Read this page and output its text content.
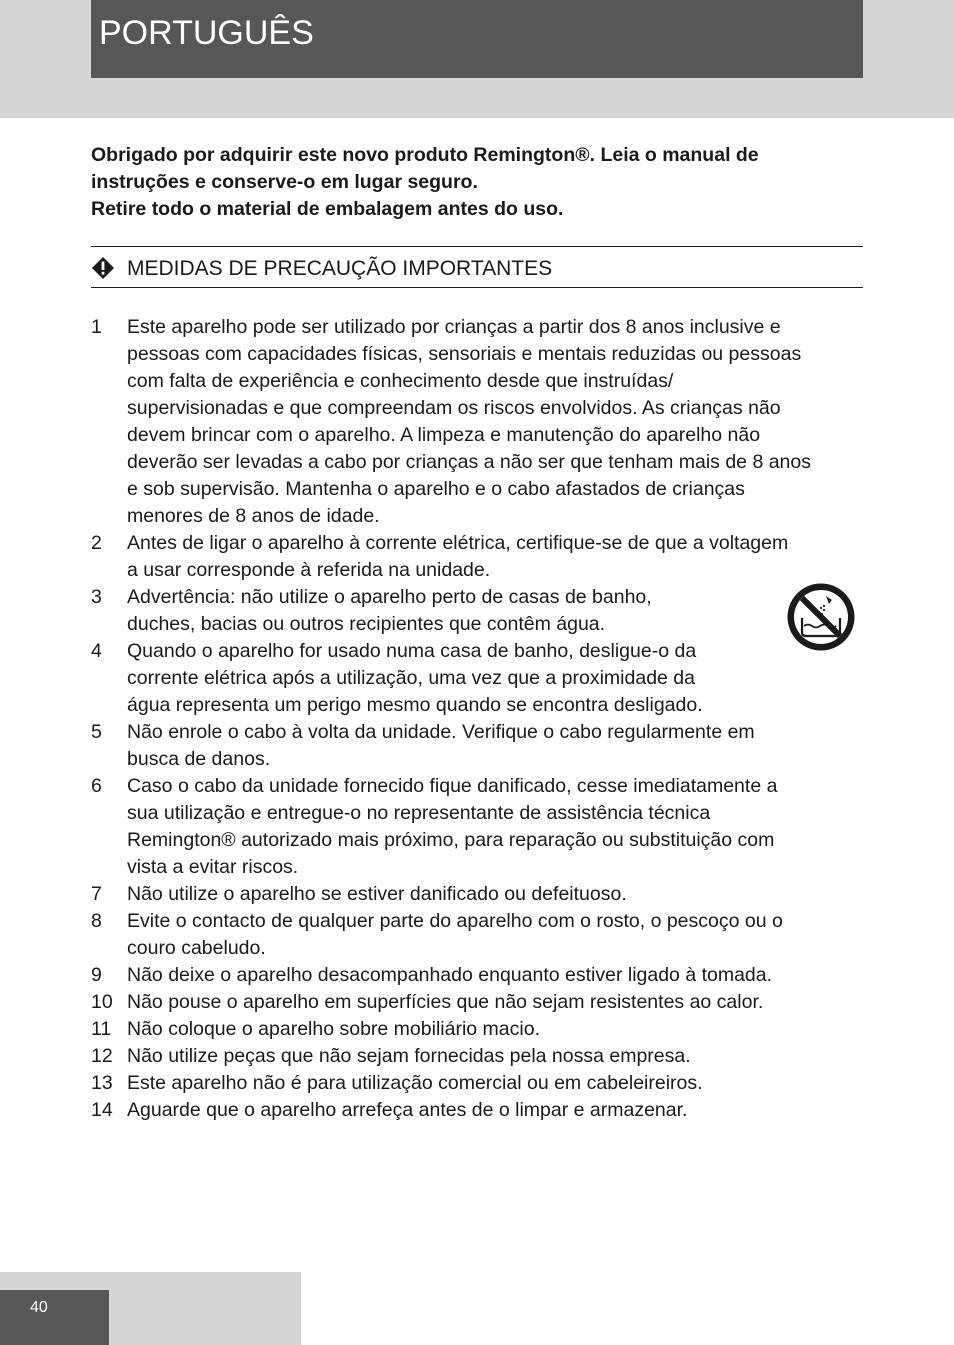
PORTUGUÊS
Obrigado por adquirir este novo produto Remington®. Leia o manual de
instruções e conserve-o em lugar seguro.
Retire todo o material de embalagem antes do uso.
MEDIDAS DE PRECAUÇÃO IMPORTANTES
1 Este aparelho pode ser utilizado por crianças a partir dos 8 anos inclusive e
pessoas com capacidades físicas, sensoriais e mentais reduzidas ou pessoas
com falta de experiência e conhecimento desde que instruídas/
supervisionadas e que compreendam os riscos envolvidos. As crianças não
devem brincar com o aparelho. A limpeza e manutenção do aparelho não
deverão ser levadas a cabo por crianças a não ser que tenham mais de 8 anos
e sob supervisão. Mantenha o aparelho e o cabo afastados de crianças
menores de 8 anos de idade.
2 Antes de ligar o aparelho à corrente elétrica, certifique-se de que a voltagem
a usar corresponde à referida na unidade.
3 Advertência: não utilize o aparelho perto de casas de banho,
duches, bacias ou outros recipientes que contêm água.
4 Quando o aparelho for usado numa casa de banho, desligue-o da
corrente elétrica após a utilização, uma vez que a proximidade da
água representa um perigo mesmo quando se encontra desligado.
5 Não enrole o cabo à volta da unidade. Verifique o cabo regularmente em
busca de danos.
6 Caso o cabo da unidade fornecido fique danificado, cesse imediatamente a
sua utilização e entregue-o no representante de assistência técnica
Remington® autorizado mais próximo, para reparação ou substituição com
vista a evitar riscos.
7 Não utilize o aparelho se estiver danificado ou defeituoso.
8 Evite o contacto de qualquer parte do aparelho com o rosto, o pescoço ou o
couro cabeludo.
9 Não deixe o aparelho desacompanhado enquanto estiver ligado à tomada.
10 Não pouse o aparelho em superfícies que não sejam resistentes ao calor.
11 Não coloque o aparelho sobre mobiliário macio.
12 Não utilize peças que não sejam fornecidas pela nossa empresa.
13 Este aparelho não é para utilização comercial ou em cabeleireiros.
14 Aguarde que o aparelho arrefeça antes de o limpar e armazenar.
40
